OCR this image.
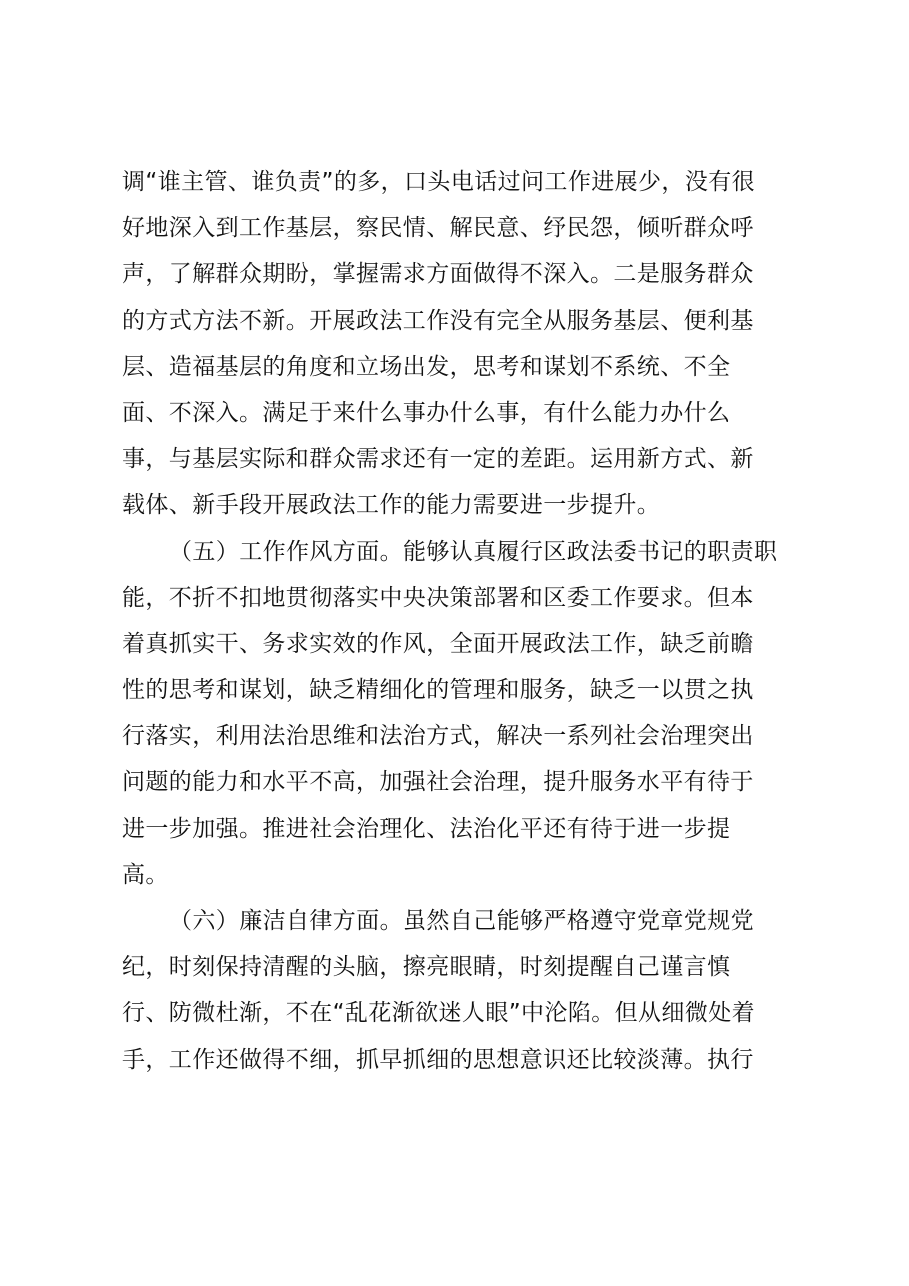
调“谁主管、谁负责”的多，口头电话过问工作进展少，没有很
好地深入到工作基层，察民情、解民意、纾民怨，倾听群众呼
声，了解群众期盼，掌握需求方面做得不深入。二是服务群众
的方式方法不新。开展政法工作没有完全从服务基层、便利基
层、造福基层的角度和立场出发，思考和谋划不系统、不全
面、不深入。满足于来什么事办什么事，有什么能力办什么
事，与基层实际和群众需求还有一定的差距。运用新方式、新
载体、新手段开展政法工作的能力需要进一步提升。
（五）工作作风方面。能够认真履行区政法委书记的职责职
能，不折不扣地贯彻落实中央决策部署和区委工作要求。但本
着真抓实干、务求实效的作风，全面开展政法工作，缺乏前瞻
性的思考和谋划，缺乏精细化的管理和服务，缺乏一以贯之执
行落实，利用法治思维和法治方式，解决一系列社会治理突出
问题的能力和水平不高，加强社会治理，提升服务水平有待于
进一步加强。推进社会治理化、法治化平还有待于进一步提
高。
（六）廉洁自律方面。虽然自己能够严格遵守党章党规党
纪，时刻保持清醒的头脑，擦亮眼睛，时刻提醒自己谨言慎
行、防微杜渐，不在“乱花渐欲迷人眼”中沦陷。但从细微处着
手，工作还做得不细，抓早抓细的思想意识还比较淡薄。执行
